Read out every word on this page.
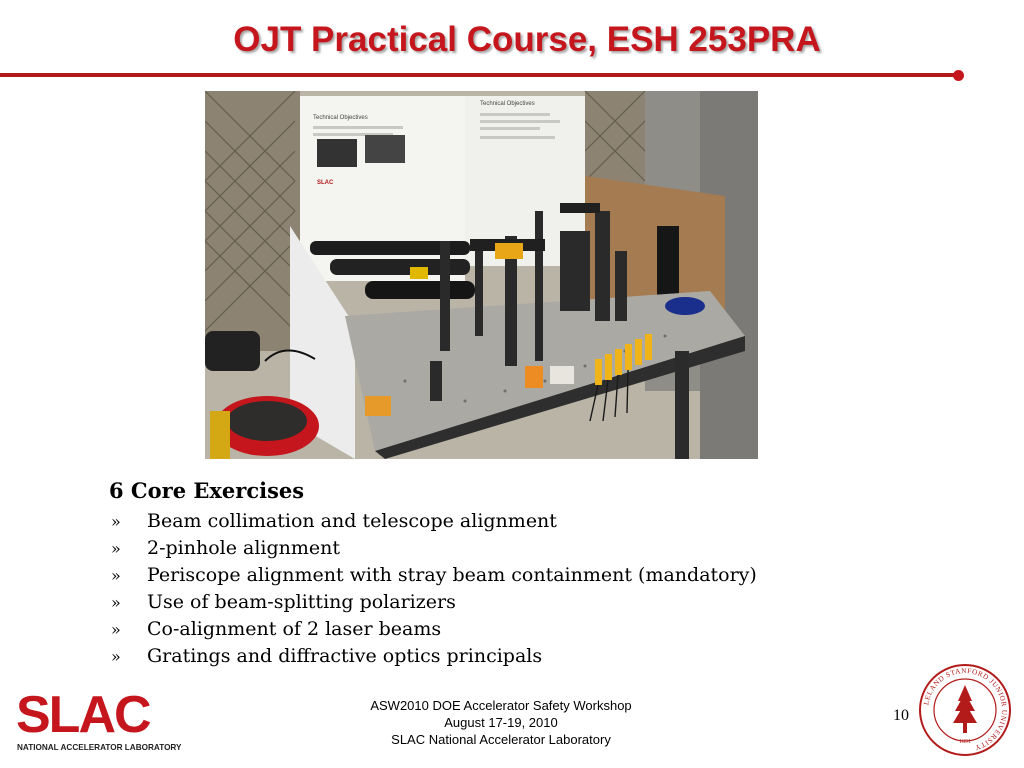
OJT Practical Course, ESH 253PRA
Technical Objectives
Technical Objectives
SLAC
6 Core Exercises
» Beam collimation and telescope alignment
» 2-pinhole alignment
» Periscope alignment with stray beam containment (mandatory)
» Use of beam-splitting polarizers
» Co-alignment of 2 laser beams
» Gratings and diffractive optics principals
SLAC
NATIONAL ACCELERATOR LABORATORY
ASW2010 DOE Accelerator Safety Workshop
August 17-19, 2010
SLAC National Accelerator Laboratory
10
LELAND STANFORD JUNIOR UNIVERSITY
1891
